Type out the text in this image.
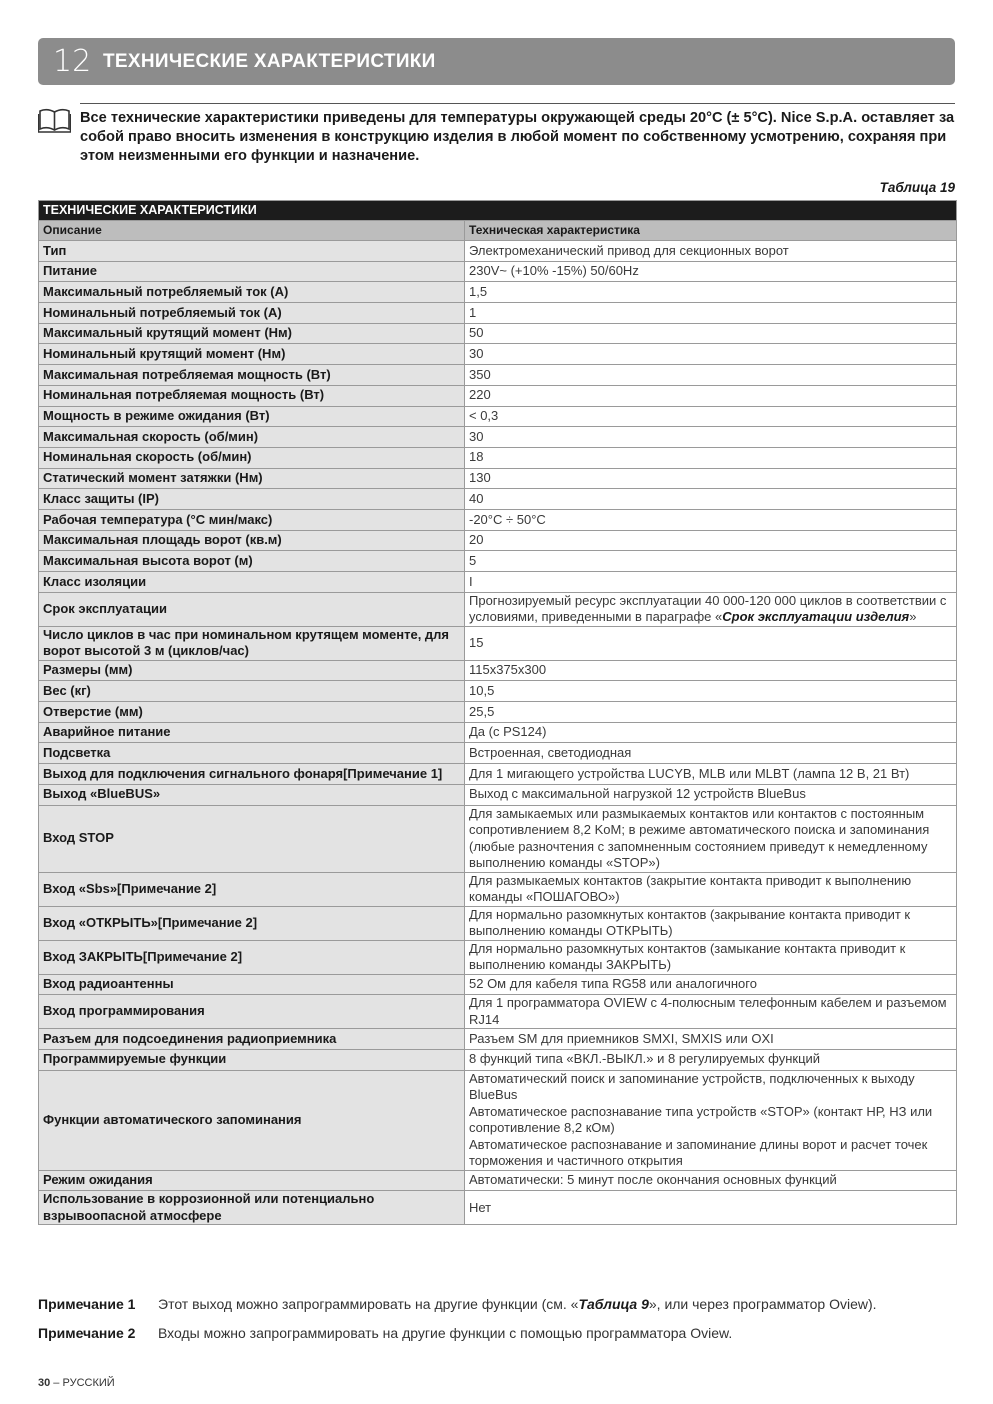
12 ТЕХНИЧЕСКИЕ ХАРАКТЕРИСТИКИ
Все технические характеристики приведены для температуры окружающей среды 20°С (± 5°С). Nice S.p.A. оставляет за собой право вносить изменения в конструкцию изделия в любой момент по собственному усмотрению, сохраняя при этом неизменными его функции и назначение.
Таблица 19
ТЕХНИЧЕСКИЕ ХАРАКТЕРИСТИКИ	
Описание	Техническая характеристика
Тип	Электромеханический привод для секционных ворот
Питание	230V~ (+10% -15%) 50/60Hz
Максимальный потребляемый ток (А)	1,5
Номинальный потребляемый ток (А)	1
Максимальный крутящий момент (Нм)	50
Номинальный крутящий момент (Нм)	30
Максимальная потребляемая мощность (Вт)	350
Номинальная потребляемая мощность (Вт)	220
Мощность в режиме ожидания (Вт)	< 0,3
Максимальная скорость (об/мин)	30
Номинальная скорость (об/мин)	18
Статический момент затяжки (Нм)	130
Класс защиты (IP)	40
Рабочая температура (°С мин/макс)	-20°С ÷ 50°С
Максимальная площадь ворот (кв.м)	20
Максимальная высота ворот (м)	5
Класс изоляции	I
Срок эксплуатации	Прогнозируемый ресурс эксплуатации 40 000-120 000 циклов в соответствии с условиями, приведенными в параграфе «Срок эксплуатации изделия»
Число циклов в час при номинальном крутящем моменте, для ворот высотой 3 м (циклов/час)	15
Размеры (мм)	115x375x300
Вес (кг)	10,5
Отверстие (мм)	25,5
Аварийное питание	Да (с PS124)
Подсветка	Встроенная, светодиодная
Выход для подключения сигнального фонаря[Примечание 1]	Для 1 мигающего устройства LUCYB, MLB или MLBT (лампа 12 В, 21 Вт)
Выход «BlueBUS»	Выход с максимальной нагрузкой 12 устройств BlueBus
Вход STOP	Для замыкаемых или размыкаемых контактов или контактов с постоянным сопротивлением 8,2 KoM; в режиме автоматического поиска и запоминания (любые разночтения с запомненным состоянием приведут к немедленному выполнению команды «STOP»)
Вход «Sbs»[Примечание 2]	Для размыкаемых контактов (закрытие контакта приводит к выполнению команды «ПОШАГОВО»)
Вход «ОТКРЫТЬ»[Примечание 2]	Для нормально разомкнутых контактов (закрывание контакта приводит к выполнению команды ОТКРЫТЬ)
Вход ЗАКРЫТЬ[Примечание 2]	Для нормально разомкнутых контактов (замыкание контакта приводит к выполнению команды ЗАКРЫТЬ)
Вход радиоантенны	52 Ом для кабеля типа RG58 или аналогичного
Вход программирования	Для 1 программатора OVIEW с 4-полюсным телефонным кабелем и разъемом RJ14
Разъем для подсоединения радиоприемника	Разъем SM для приемников SMXI, SMXIS или OXI
Программируемые функции	8 функций типа «ВКЛ.-ВЫКЛ.» и 8 регулируемых функций
Функции автоматического запоминания	Автоматический поиск и запоминание устройств, подключенных к выходу BlueBus
Автоматическое распознавание типа устройств «STOP» (контакт НР, НЗ или сопротивление 8,2 кОм)
Автоматическое распознавание и запоминание длины ворот и расчет точек торможения и частичного открытия
Режим ожидания	Автоматически: 5 минут после окончания основных функций
Использование в коррозионной или потенциально взрывоопасной атмосфере	Нет
Примечание 1	Этот выход можно запрограммировать на другие функции (см. «Таблица 9», или через программатор Oview).
Примечание 2	Входы можно запрограммировать на другие функции с помощью программатора Oview.
30 – РУССКИЙ
